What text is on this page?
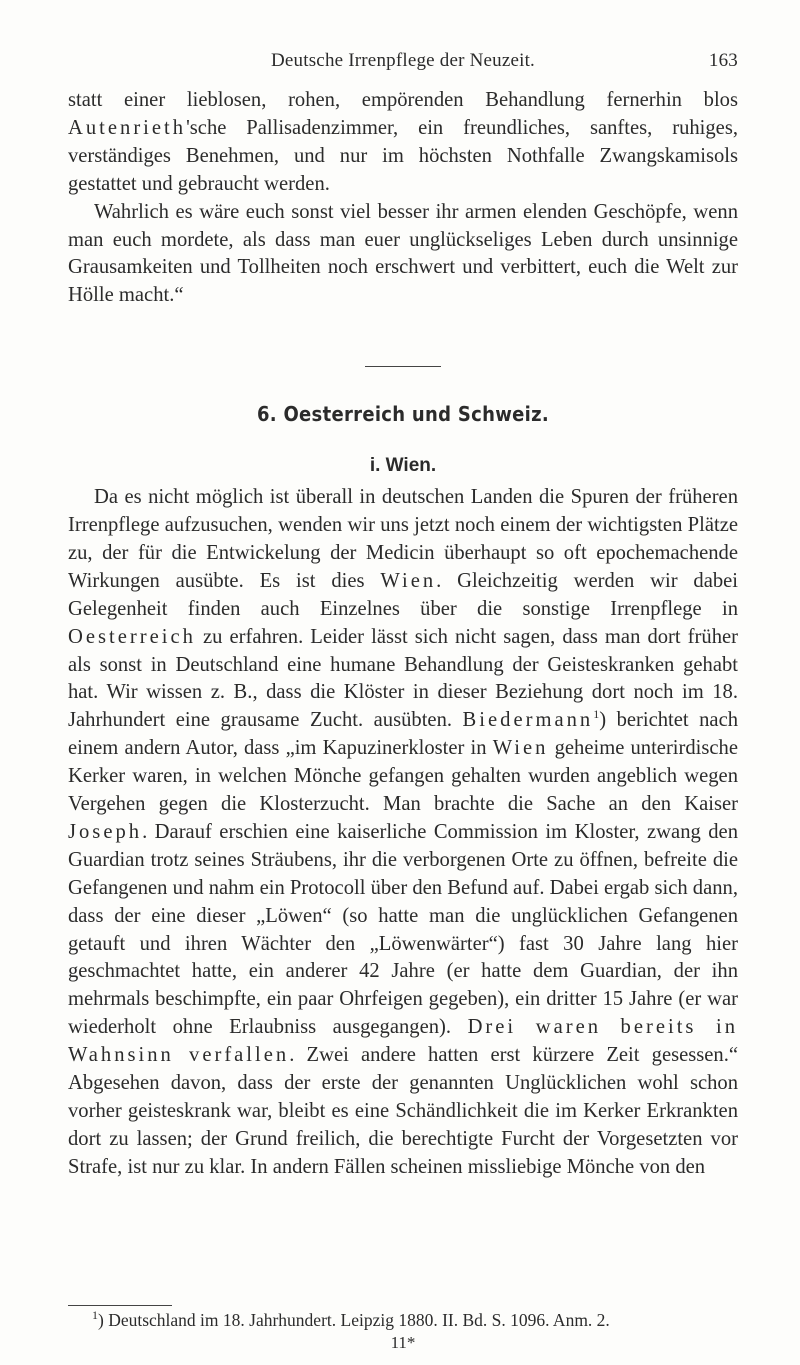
Deutsche Irrenpflege der Neuzeit.	163

statt einer lieblosen, rohen, empörenden Behandlung fernerhin blos Autenrieth'sche Pallisadenzimmer, ein freundliches, sanftes, ruhiges, verständiges Benehmen, und nur im höchsten Nothfalle Zwangskamisols gestattet und gebraucht werden.

Wahrlich es wäre euch sonst viel besser ihr armen elenden Geschöpfe, wenn man euch mordete, als dass man euer unglückseliges Leben durch unsinnige Grausamkeiten und Tollheiten noch erschwert und verbittert, euch die Welt zur Hölle macht.“

6. Oesterreich und Schweiz.
i. Wien.

Da es nicht möglich ist überall in deutschen Landen die Spuren der früheren Irrenpflege aufzusuchen, wenden wir uns jetzt noch einem der wichtigsten Plätze zu, der für die Entwickelung der Medicin überhaupt so oft epochemachende Wirkungen ausübte. Es ist dies Wien. Gleichzeitig werden wir dabei Gelegenheit finden auch Einzelnes über die sonstige Irrenpflege in Oesterreich zu erfahren. Leider lässt sich nicht sagen, dass man dort früher als sonst in Deutschland eine humane Behandlung der Geisteskranken gehabt hat. Wir wissen z. B., dass die Klöster in dieser Beziehung dort noch im 18. Jahrhundert eine grausame Zucht. ausübten. Biedermann$^1$) berichtet nach einem andern Autor, dass „im Kapuzinerkloster in Wien geheime unterirdische Kerker waren, in welchen Mönche gefangen gehalten wurden angeblich wegen Vergehen gegen die Klosterzucht. Man brachte die Sache an den Kaiser Joseph. Darauf erschien eine kaiserliche Commission im Kloster, zwang den Guardian trotz seines Sträubens, ihr die verborgenen Orte zu öffnen, befreite die Gefangenen und nahm ein Protocoll über den Befund auf. Dabei ergab sich dann, dass der eine dieser „Löwen“ (so hatte man die unglücklichen Gefangenen getauft und ihren Wächter den „Löwenwärter“) fast 30 Jahre lang hier geschmachtet hatte, ein anderer 42 Jahre (er hatte dem Guardian, der ihn mehrmals beschimpfte, ein paar Ohrfeigen gegeben), ein dritter 15 Jahre (er war wiederholt ohne Erlaubniss ausgegangen). Drei waren bereits in Wahnsinn verfallen. Zwei andere hatten erst kürzere Zeit gesessen.“ Abgesehen davon, dass der erste der genannten Unglücklichen wohl schon vorher geisteskrank war, bleibt es eine Schändlichkeit die im Kerker Erkrankten dort zu lassen; der Grund freilich, die berechtigte Furcht der Vorgesetzten vor Strafe, ist nur zu klar. In andern Fällen scheinen missliebige Mönche von den

$^1$) Deutschland im 18. Jahrhundert. Leipzig 1880. II. Bd. S. 1096. Anm. 2.
11*
